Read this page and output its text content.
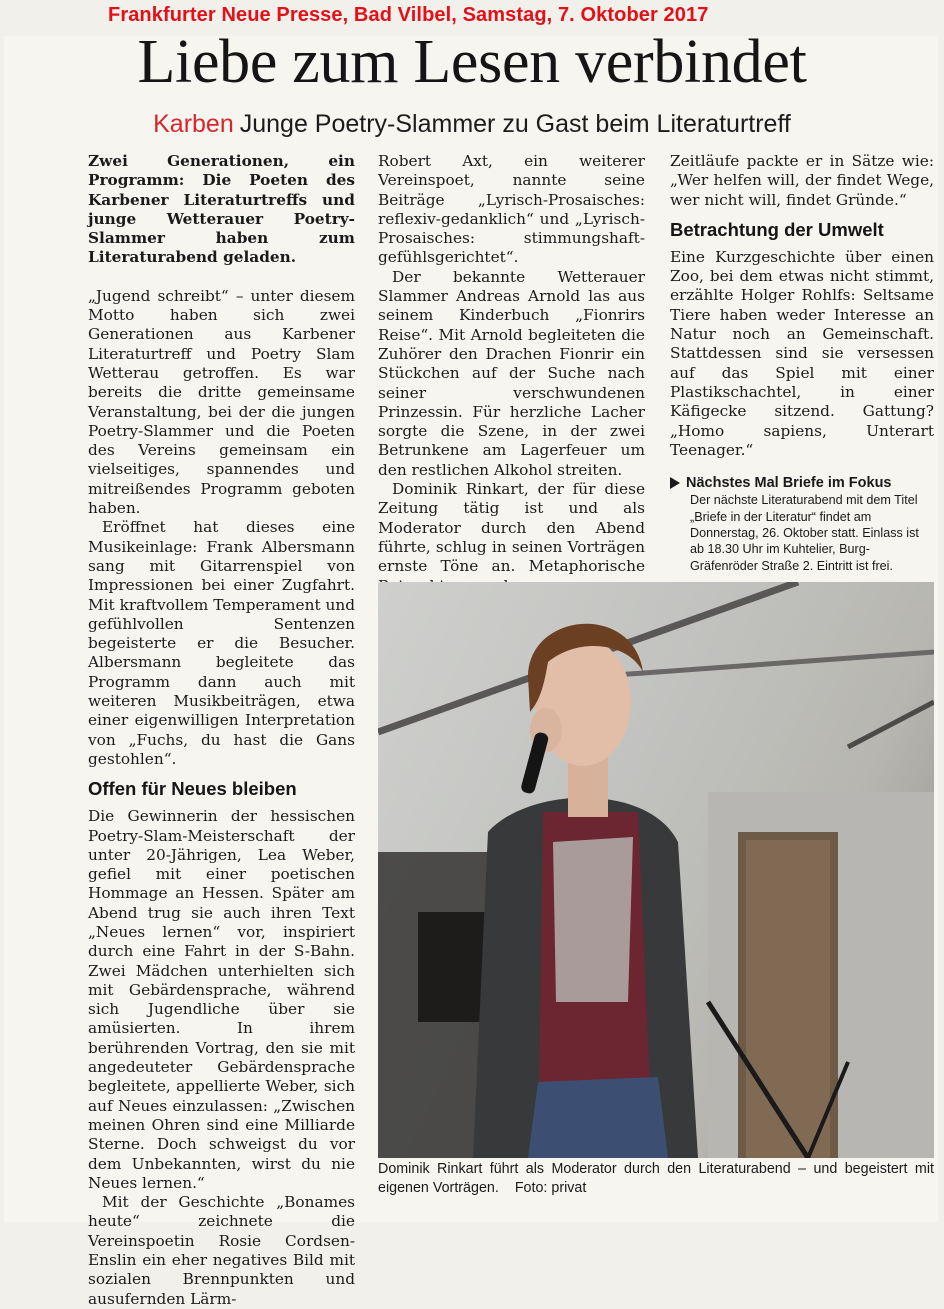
Frankfurter Neue Presse, Bad Vilbel, Samstag, 7. Oktober 2017
Liebe zum Lesen verbindet
Karben Junge Poetry-Slammer zu Gast beim Literaturtreff

Zwei Generationen, ein Programm: Die Poeten des Karbener Literaturtreffs und junge Wetterauer Poetry-Slammer haben zum Literaturabend geladen.

„Jugend schreibt“ – unter diesem Motto haben sich zwei Generationen aus Karbener Literaturtreff und Poetry Slam Wetterau getroffen. Es war bereits die dritte gemeinsame Veranstaltung, bei der die jungen Poetry-Slammer und die Poeten des Vereins gemeinsam ein vielseitiges, spannendes und mitreißendes Programm geboten haben.

Eröffnet hat dieses eine Musikeinlage: Frank Albersmann sang mit Gitarrenspiel von Impressionen bei einer Zugfahrt. Mit kraftvollem Temperament und gefühlvollen Sentenzen begeisterte er die Besucher. Albersmann begleitete das Programm dann auch mit weiteren Musikbeiträgen, etwa einer eigenwilligen Interpretation von „Fuchs, du hast die Gans gestohlen“.

Offen für Neues bleiben

Die Gewinnerin der hessischen Poetry-Slam-Meisterschaft der unter 20-Jährigen, Lea Weber, gefiel mit einer poetischen Hommage an Hessen. Später am Abend trug sie auch ihren Text „Neues lernen“ vor, inspiriert durch eine Fahrt in der S-Bahn. Zwei Mädchen unterhielten sich mit Gebärdensprache, während sich Jugendliche über sie amüsierten. In ihrem berührenden Vortrag, den sie mit angedeuteter Gebärdensprache begleitete, appellierte Weber, sich auf Neues einzulassen: „Zwischen meinen Ohren sind eine Milliarde Sterne. Doch schweigst du vor dem Unbekannten, wirst du nie Neues lernen.“

Mit der Geschichte „Bonames heute“ zeichnete die Vereinspoetin Rosie Cordsen-Enslin ein eher negatives Bild mit sozialen Brennpunkten und ausufernden Lärm-

Robert Axt, ein weiterer Vereinspoet, nannte seine Beiträge „Lyrisch-Prosaisches: reflexiv-gedanklich“ und „Lyrisch-Prosaisches: stimmungshaft-gefühlsgerichtet“.

Der bekannte Wetterauer Slammer Andreas Arnold las aus seinem Kinderbuch „Fionrirs Reise“. Mit Arnold begleiteten die Zuhörer den Drachen Fionrir ein Stückchen auf der Suche nach seiner verschwundenen Prinzessin. Für herzliche Lacher sorgte die Szene, in der zwei Betrunkene am Lagerfeuer um den restlichen Alkohol streiten.

Dominik Rinkart, der für diese Zeitung tätig ist und als Moderator durch den Abend führte, schlug in seinen Vorträgen ernste Töne an. Metaphorische

Zeitläufe packte er in Sätze wie: „Wer helfen will, der findet Wege, wer nicht will, findet Gründe.“

Betrachtung der Umwelt

Eine Kurzgeschichte über einen Zoo, bei dem etwas nicht stimmt, erzählte Holger Rohlfs: Seltsame Tiere haben weder Interesse an Natur noch an Gemeinschaft. Stattdessen sind sie versessen auf das Spiel mit einer Plastikschachtel, in einer Käfigecke sitzend. Gattung? „Homo sapiens, Unterart Teenager.“

Nächstes Mal Briefe im Fokus
Der nächste Literaturabend mit dem Titel „Briefe in der Literatur“ findet am Donnerstag, 26. Oktober statt. Einlass ist ab 18.30 Uhr im Kuhtelier, Burg-Gräfenröder Straße 2. Eintritt ist frei.
Dominik Rinkart führt als Moderator durch den Literaturabend – und begeistert mit eigenen Vorträgen. Foto: privat
